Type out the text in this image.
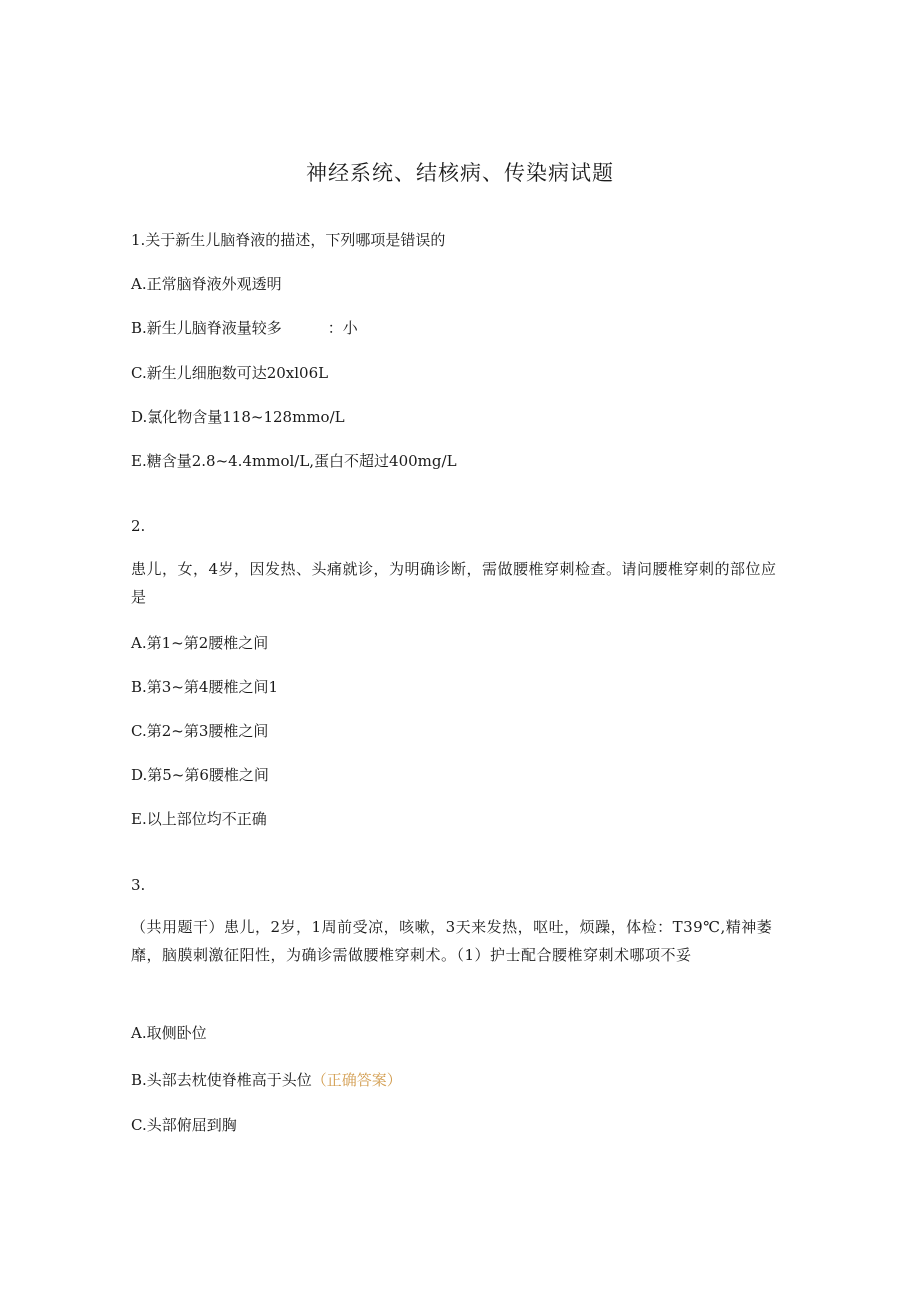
神经系统、结核病、传染病试题

1.关于新生儿脑脊液的描述，下列哪项是错误的

A.正常脑脊液外观透明

B.新生儿脑脊液量较多	：小

C.新生儿细胞数可达20xl06L

D.氯化物含量118~128mmo∕L

E.糖含量2.8~4.4mmol∕L,蛋白不超过400mg∕L

2.

患儿，女，4岁，因发热、头痛就诊，为明确诊断，需做腰椎穿刺检查。请问腰椎穿刺的部位应是

A.第1~第2腰椎之间

B.第3~第4腰椎之间1

C.第2~第3腰椎之间

D.第5~第6腰椎之间

E.以上部位均不正确

3.

（共用题干）患儿，2岁，1周前受凉，咳嗽，3天来发热，呕吐，烦躁，体检：T39℃,精神萎靡，脑膜刺激征阳性，为确诊需做腰椎穿刺术。（1）护士配合腰椎穿刺术哪项不妥

A.取侧卧位

B.头部去枕使脊椎高于头位（正确答案）

C.头部俯屈到胸
